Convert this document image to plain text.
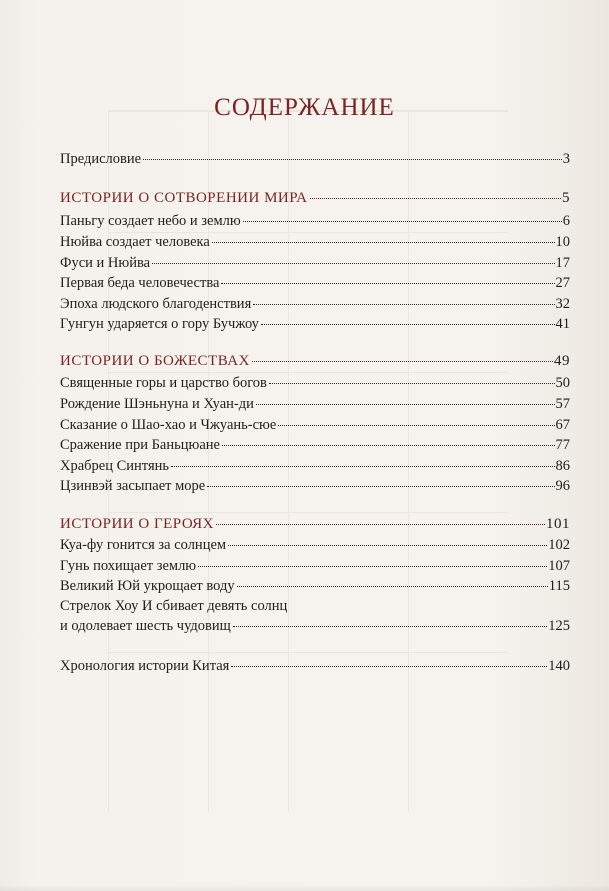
СОДЕРЖАНИЕ
Предисловие	3
ИСТОРИИ О СОТВОРЕНИИ МИРА	5
Паньгу создает небо и землю	6
Нюйва создает человека	10
Фуси и Нюйва	17
Первая беда человечества	27
Эпоха людского благоденствия	32
Гунгун ударяется о гору Бучжоу	41
ИСТОРИИ О БОЖЕСТВАХ	49
Священные горы и царство богов	50
Рождение Шэньнуна и Хуан-ди	57
Сказание о Шао-хао и Чжуань-сюе	67
Сражение при Баньцюане	77
Храбрец Синтянь	86
Цзинвэй засыпает море	96
ИСТОРИИ О ГЕРОЯХ	101
Куа-фу гонится за солнцем	102
Гунь похищает землю	107
Великий Юй укрощает воду	115
Стрелок Хоу И сбивает девять солнц
и одолевает шесть чудовищ	125
Хронология истории Китая	140
